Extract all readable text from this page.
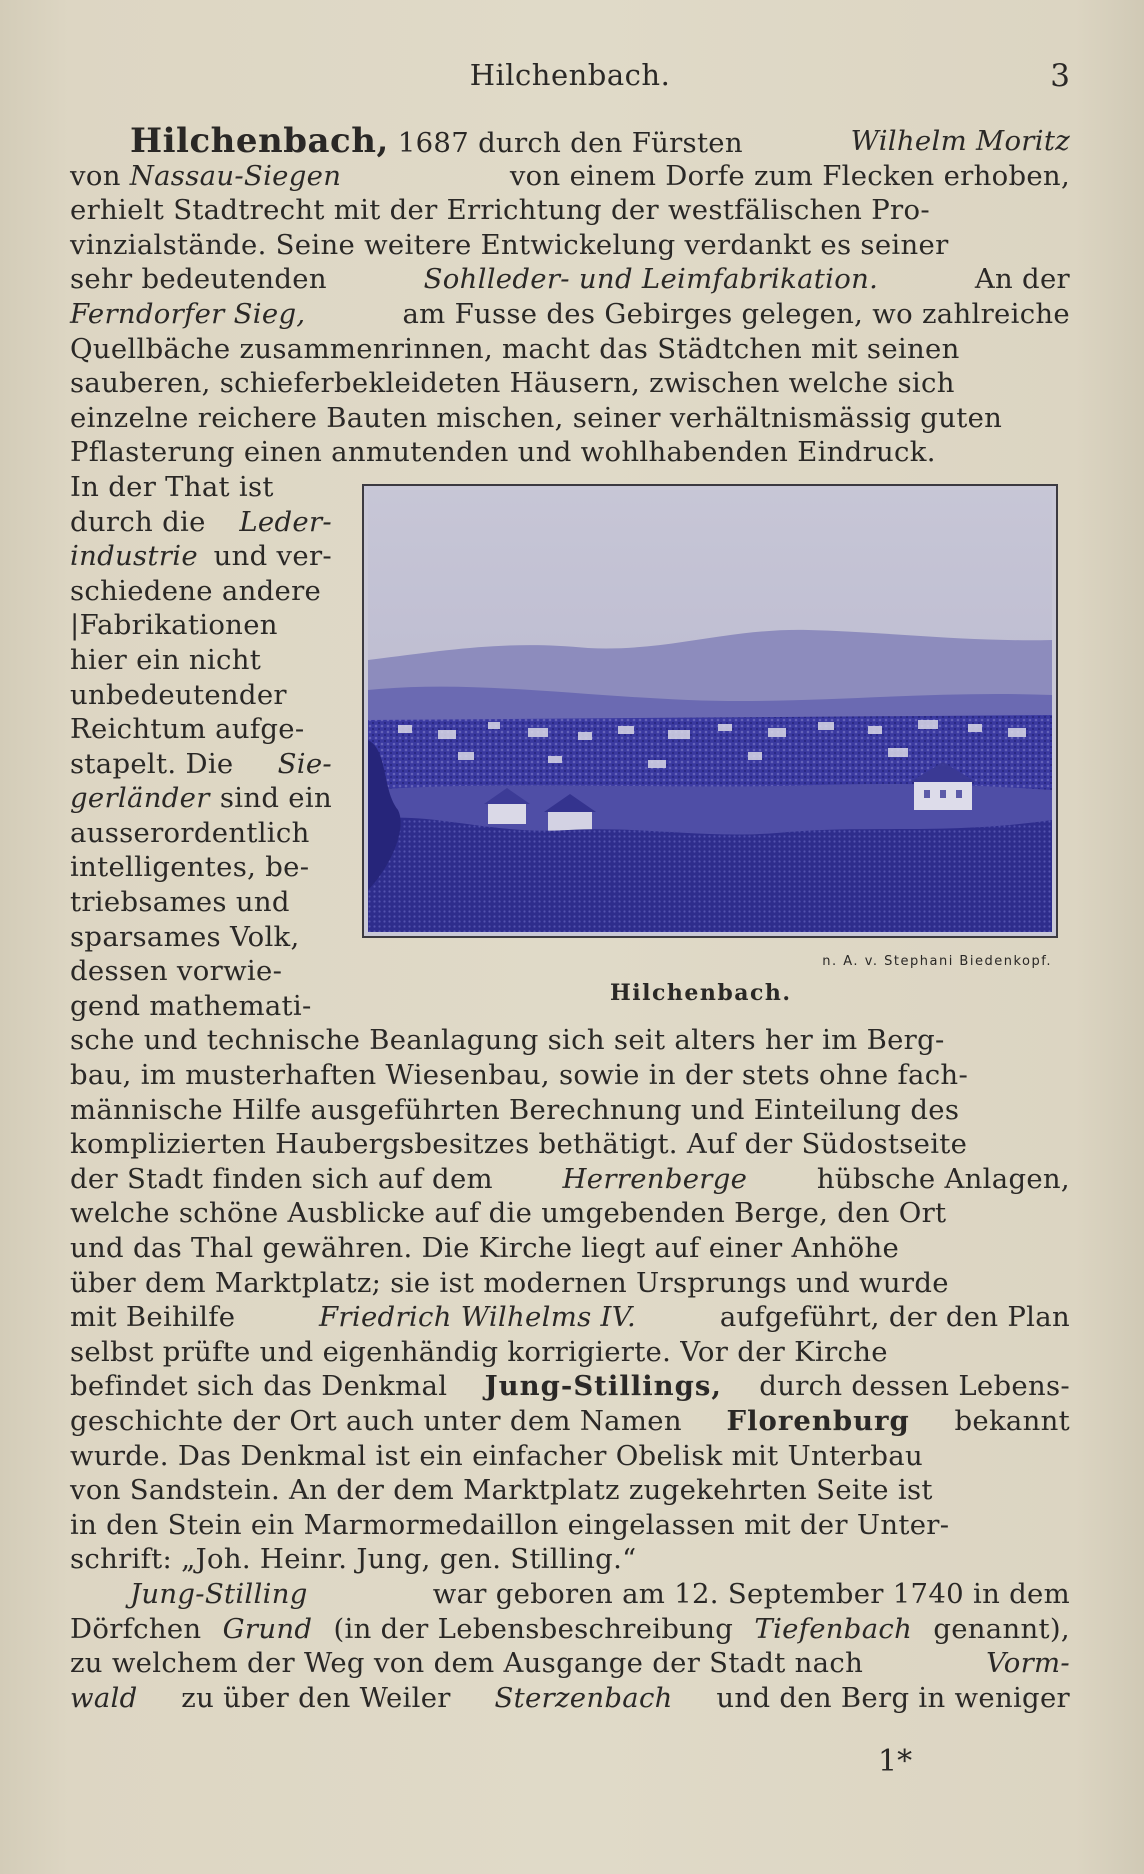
Hilchenbach.	3
Hilchenbach, 1687 durch den Fürsten	Wilhelm Moritz
von Nassau-Siegen	von einem Dorfe zum Flecken erhoben,
erhielt Stadtrecht mit der Errichtung der westfälischen Pro-
vinzialstände. Seine weitere Entwickelung verdankt es seiner
sehr bedeutenden	Sohlleder- und Leimfabrikation.	An der
Ferndorfer Sieg,	am Fusse des Gebirges gelegen, wo zahlreiche
Quellbäche zusammenrinnen, macht das Städtchen mit seinen
sauberen, schieferbekleideten Häusern, zwischen welche sich
einzelne reichere Bauten mischen, seiner verhältnismässig guten
Pflasterung einen anmutenden und wohlhabenden Eindruck.
In der That ist
durch die Leder-
industrie und ver-
schiedene andere
|Fabrikationen
hier ein nicht
unbedeutender
Reichtum aufge-
stapelt. Die Sie-
gerländer sind ein
ausserordentlich
intelligentes, be-
triebsames und
sparsames Volk,
dessen vorwie-
gend mathemati-
sche und technische Beanlagung sich seit alters her im Berg-
bau, im musterhaften Wiesenbau, sowie in der stets ohne fach-
männische Hilfe ausgeführten Berechnung und Einteilung des
komplizierten Haubergsbesitzes bethätigt. Auf der Südostseite
der Stadt finden sich auf dem	Herrenberge	hübsche Anlagen,
welche schöne Ausblicke auf die umgebenden Berge, den Ort
und das Thal gewähren. Die Kirche liegt auf einer Anhöhe
über dem Marktplatz; sie ist modernen Ursprungs und wurde
mit Beihilfe	Friedrich Wilhelms IV.	aufgeführt, der den Plan
selbst prüfte und eigenhändig korrigierte. Vor der Kirche
befindet sich das Denkmal Jung-Stillings, durch dessen Lebens-
geschichte der Ort auch unter dem Namen Florenburg bekannt
wurde. Das Denkmal ist ein einfacher Obelisk mit Unterbau
von Sandstein. An der dem Marktplatz zugekehrten Seite ist
in den Stein ein Marmormedaillon eingelassen mit der Unter-
schrift: „Joh. Heinr. Jung, gen. Stilling.“
Jung-Stilling	war geboren am 12. September 1740 in dem
Dörfchen Grund (in der Lebensbeschreibung Tiefenbach genannt),
zu welchem der Weg von dem Ausgange der Stadt nach	Vorm-
wald zu über den Weiler Sterzenbach und den Berg in weniger
n. A. v. Stephani Biedenkopf.
Hilchenbach.
1*
